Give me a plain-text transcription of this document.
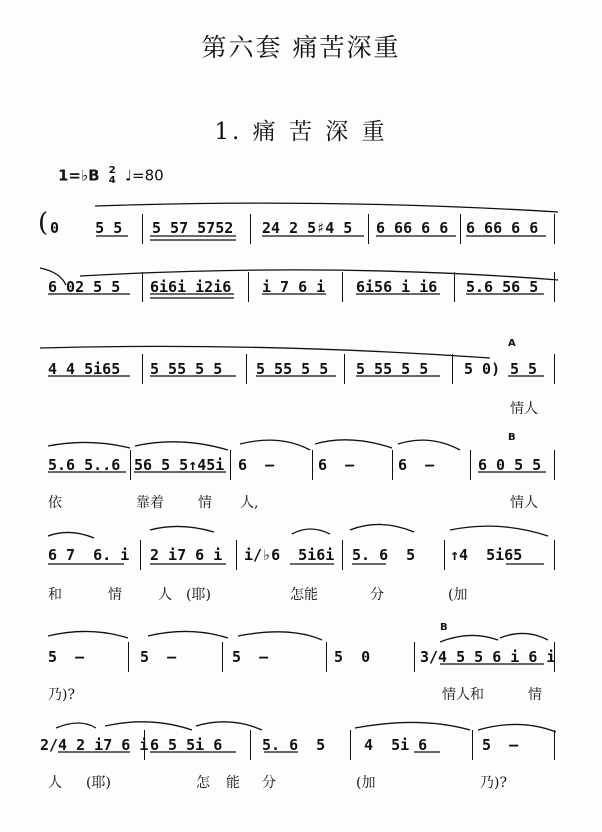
第六套 痛苦深重
1. 痛 苦 深 重
1=♭B 2
4 ♩=80
( 0    5 5 5 57 5752 24 2 5♯4 5 6 66 6 6 6 66 6 6
6 02 5 5 6i6i i2i6 i 7 6 i 6i56 i i6 5.6 56 5
4 4 5i65 5 55 5 5 5 55 5 5 5 55 5 5 5 0) 5 5
A
情人
5.6 5..6 56 5 5↑45i 6  –	6  –	6  –	6 0 5 5
B
依	靠着 情 人,	情人
6 7  6. i 2 i7 6 i i/♭6  5i6i 5. 6  5 ↑4  5i65
和	情	人 (耶)	怎能	分	(加
5  –	5  –	5  –	5  0	3/4 5 5 6 i 6 i
B
乃)?	情人和	情
2/4 2 i7 6 i 6 5 5i 6	5. 6  5	4  5i 6	5  –
人 (耶)	怎 能 分	(加	乃)?
